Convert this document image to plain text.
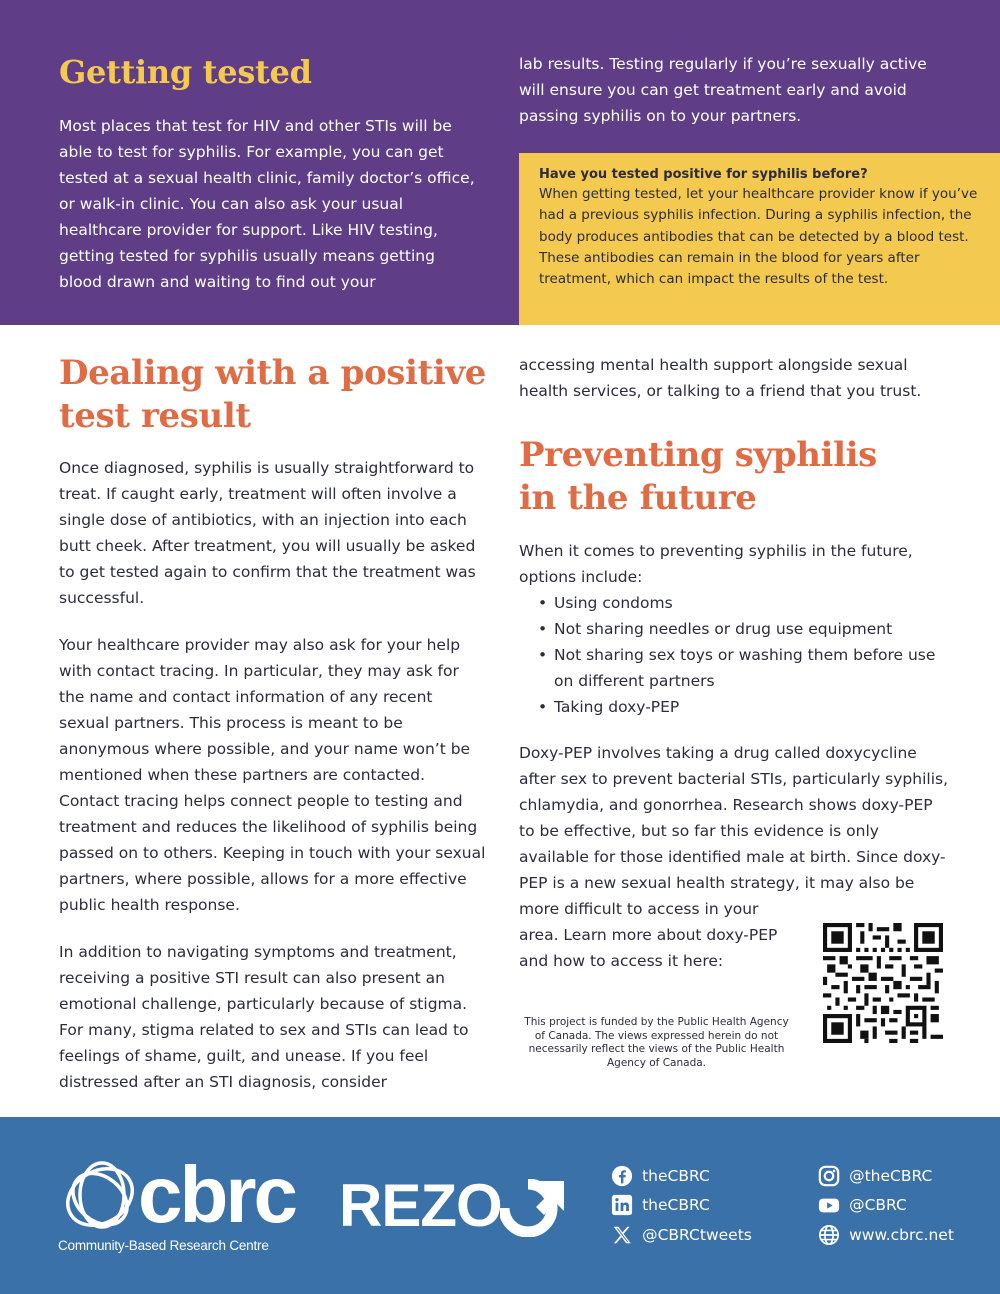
Getting tested

Most places that test for HIV and other STIs will be able to test for syphilis. For example, you can get tested at a sexual health clinic, family doctor’s office, or walk-in clinic. You can also ask your usual healthcare provider for support. Like HIV testing, getting tested for syphilis usually means getting blood drawn and waiting to find out your

lab results. Testing regularly if you’re sexually active will ensure you can get treatment early and avoid passing syphilis on to your partners.

Have you tested positive for syphilis before?
When getting tested, let your healthcare provider know if you’ve had a previous syphilis infection. During a syphilis infection, the body produces antibodies that can be detected by a blood test. These antibodies can remain in the blood for years after treatment, which can impact the results of the test.
Dealing with a positive
test result

Once diagnosed, syphilis is usually straightforward to treat. If caught early, treatment will often involve a single dose of antibiotics, with an injection into each butt cheek. After treatment, you will usually be asked to get tested again to confirm that the treatment was successful.

Your healthcare provider may also ask for your help with contact tracing. In particular, they may ask for the name and contact information of any recent sexual partners. This process is meant to be anonymous where possible, and your name won’t be mentioned when these partners are contacted. Contact tracing helps connect people to testing and treatment and reduces the likelihood of syphilis being passed on to others. Keeping in touch with your sexual partners, where possible, allows for a more effective public health response.

In addition to navigating symptoms and treatment, receiving a positive STI result can also present an emotional challenge, particularly because of stigma. For many, stigma related to sex and STIs can lead to feelings of shame, guilt, and unease. If you feel distressed after an STI diagnosis, consider

accessing mental health support alongside sexual health services, or talking to a friend that you trust.

Preventing syphilis
in the future

When it comes to preventing syphilis in the future, options include:

• Using condoms
• Not sharing needles or drug use equipment
• Not sharing sex toys or washing them before use on different partners
• Taking doxy-PEP
Doxy-PEP involves taking a drug called doxycycline after sex to prevent bacterial STIs, particularly syphilis, chlamydia, and gonorrhea. Research shows doxy-PEP to be effective, but so far this evidence is only available for those identified male at birth. Since doxy-PEP is a new sexual health strategy, it may also be more difficult to access in your area. Learn more about doxy-PEP and how to access it here:

This project is funded by the Public Health Agency of Canada. The views expressed herein do not necessarily reflect the views of the Public Health Agency of Canada.

cbrc
Community-Based Research Centre
REZO	theCBRC
theCBRC
@CBRCtweets
@theCBRC
@CBRC
www.cbrc.net
